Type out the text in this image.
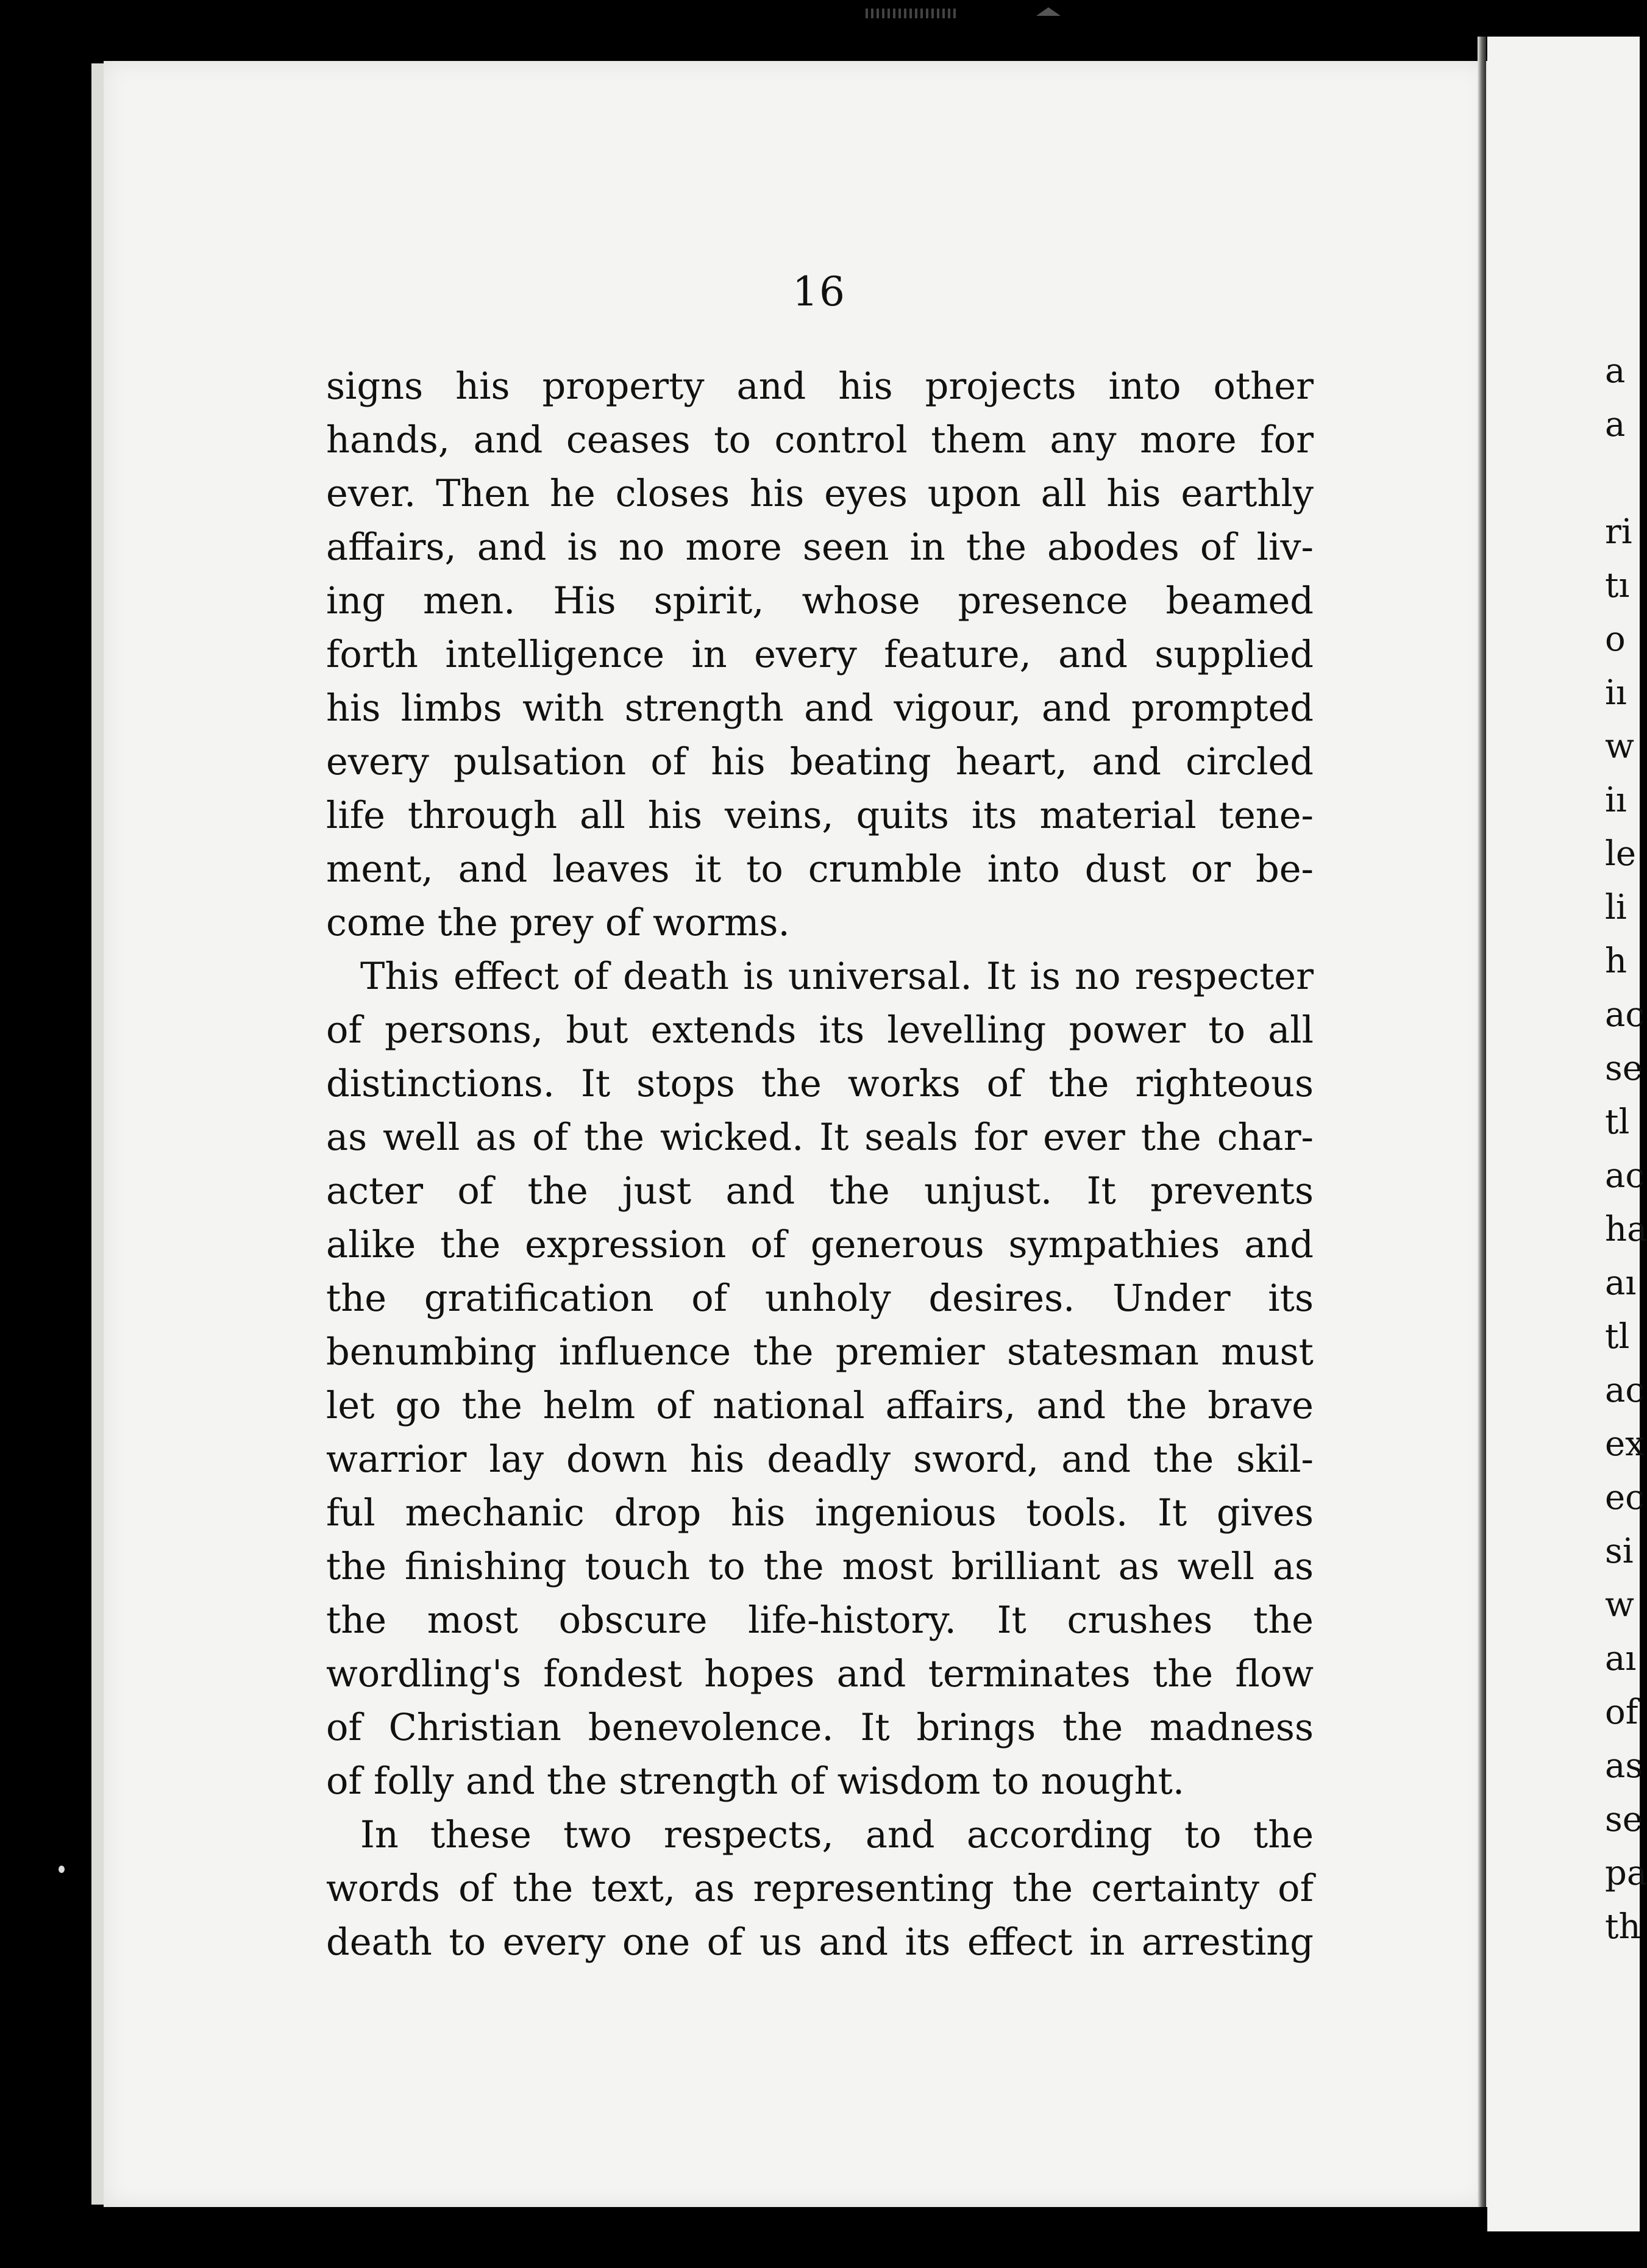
16
signs his property and his projects into other
hands, and ceases to control them any more for
ever. Then he closes his eyes upon all his earthly
affairs, and is no more seen in the abodes of liv-
ing men. His spirit, whose presence beamed
forth intelligence in every feature, and supplied
his limbs with strength and vigour, and prompted
every pulsation of his beating heart, and circled
life through all his veins, quits its material tene-
ment, and leaves it to crumble into dust or be-
come the prey of worms.
This effect of death is universal. It is no respecter
of persons, but extends its levelling power to all
distinctions. It stops the works of the righteous
as well as of the wicked. It seals for ever the char-
acter of the just and the unjust. It prevents
alike the expression of generous sympathies and
the gratification of unholy desires. Under its
benumbing influence the premier statesman must
let go the helm of national affairs, and the brave
warrior lay down his deadly sword, and the skil-
ful mechanic drop his ingenious tools. It gives
the finishing touch to the most brilliant as well as
the most obscure life-history. It crushes the
wordling's fondest hopes and terminates the flow
of Christian benevolence. It brings the madness
of folly and the strength of wisdom to nought.
In these two respects, and according to the
words of the text, as representing the certainty of
death to every one of us and its effect in arresting
a
a
ri
tı
o
iı
w
iı
le
li
h
ac
se
tl
ac
ha
aı
tl
ac
ex
ec
si
w
aı
of
as
se
pa
th
